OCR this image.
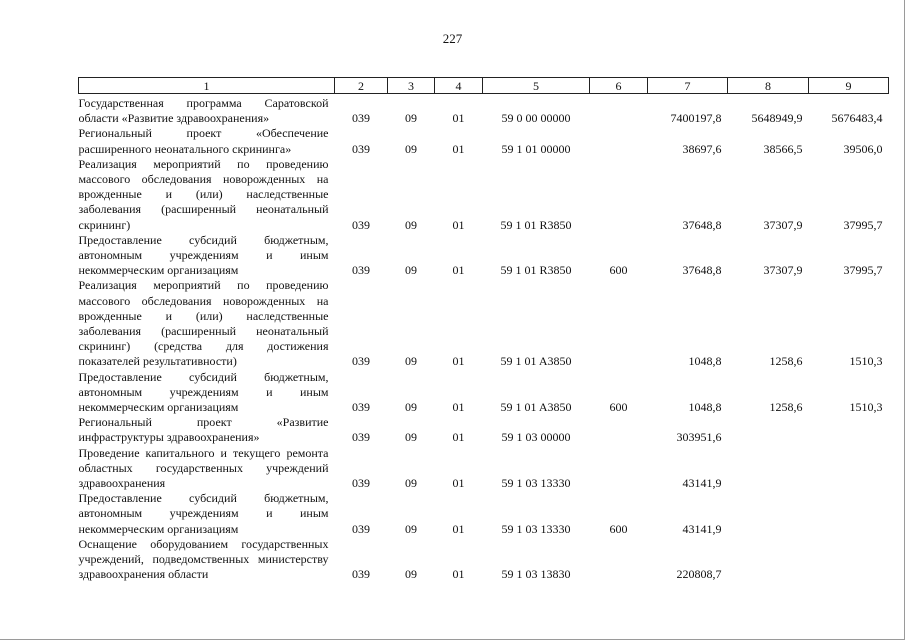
227
1	2	3	4	5	6	7	8	9
Государственная программа Саратовской области «Развитие здравоохранения»	039	09	01	59 0 00 00000		7400197,8	5648949,9	5676483,4
Региональный проект «Обеспечение расширенного неонатального скрининга»	039	09	01	59 1 01 00000		38697,6	38566,5	39506,0
Реализация мероприятий по проведению массового обследования новорожденных на врожденные и (или) наследственные заболевания (расширенный неонатальный скрининг)	039	09	01	59 1 01 R3850		37648,8	37307,9	37995,7
Предоставление субсидий бюджетным, автономным учреждениям и иным некоммерческим организациям	039	09	01	59 1 01 R3850	600	37648,8	37307,9	37995,7
Реализация мероприятий по проведению массового обследования новорожденных на врожденные и (или) наследственные заболевания (расширенный неонатальный скрининг) (средства для достижения показателей результативности)	039	09	01	59 1 01 A3850		1048,8	1258,6	1510,3
Предоставление субсидий бюджетным, автономным учреждениям и иным некоммерческим организациям	039	09	01	59 1 01 A3850	600	1048,8	1258,6	1510,3
Региональный проект «Развитие инфраструктуры здравоохранения»	039	09	01	59 1 03 00000		303951,6		
Проведение капитального и текущего ремонта областных государственных учреждений здравоохранения	039	09	01	59 1 03 13330		43141,9		
Предоставление субсидий бюджетным, автономным учреждениям и иным некоммерческим организациям	039	09	01	59 1 03 13330	600	43141,9		
Оснащение оборудованием государственных учреждений, подведомственных министерству здравоохранения области	039	09	01	59 1 03 13830		220808,7		
